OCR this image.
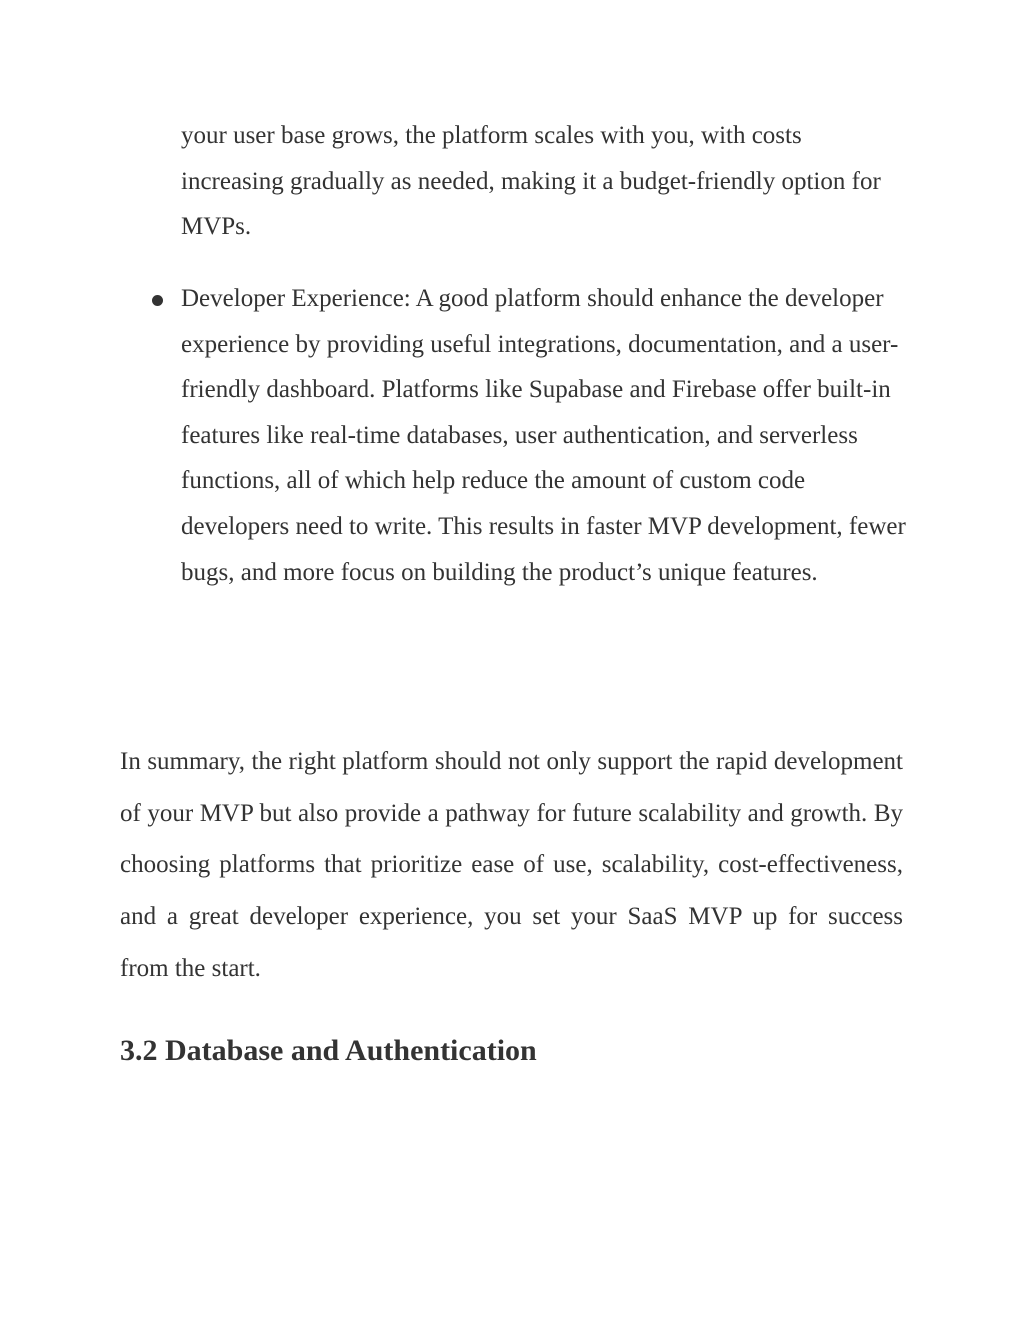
your user base grows, the platform scales with you, with costs increasing gradually as needed, making it a budget-friendly option for MVPs.

Developer Experience: A good platform should enhance the developer experience by providing useful integrations, documentation, and a user-friendly dashboard. Platforms like Supabase and Firebase offer built-in features like real-time databases, user authentication, and serverless functions, all of which help reduce the amount of custom code developers need to write. This results in faster MVP development, fewer bugs, and more focus on building the product’s unique features.

In summary, the right platform should not only support the rapid development of your MVP but also provide a pathway for future scalability and growth. By choosing platforms that prioritize ease of use, scalability, cost-effectiveness, and a great developer experience, you set your SaaS MVP up for success from the start.

3.2 Database and Authentication
